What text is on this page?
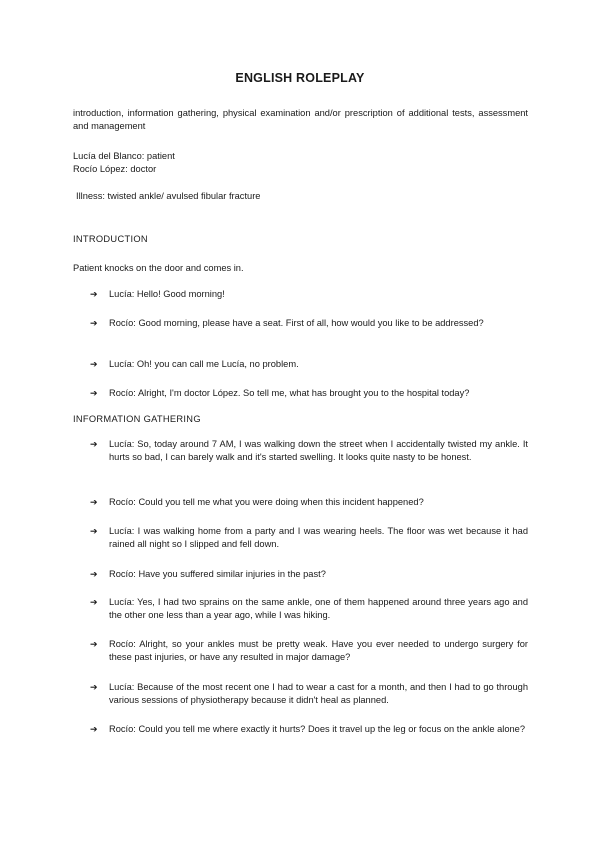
ENGLISH ROLEPLAY
introduction, information gathering, physical examination and/or prescription of additional tests, assessment and management
Lucía del Blanco: patient
Rocío López: doctor
Illness: twisted ankle/ avulsed fibular fracture
INTRODUCTION
Patient knocks on the door and comes in.
➔ Lucía: Hello! Good morning!
➔ Rocío: Good morning, please have a seat. First of all, how would you like to be addressed?
➔ Lucía: Oh! you can call me Lucía, no problem.
➔ Rocío: Alright, I'm doctor López. So tell me, what has brought you to the hospital today?
INFORMATION GATHERING
➔ Lucía: So, today around 7 AM, I was walking down the street when I accidentally twisted my ankle. It hurts so bad, I can barely walk and it's started swelling. It looks quite nasty to be honest.
➔ Rocío: Could you tell me what you were doing when this incident happened?
➔ Lucía: I was walking home from a party and I was wearing heels. The floor was wet because it had rained all night so I slipped and fell down.
➔ Rocío: Have you suffered similar injuries in the past?
➔ Lucía: Yes, I had two sprains on the same ankle, one of them happened around three years ago and the other one less than a year ago, while I was hiking.
➔ Rocío: Alright, so your ankles must be pretty weak. Have you ever needed to undergo surgery for these past injuries, or have any resulted in major damage?
➔ Lucía: Because of the most recent one I had to wear a cast for a month, and then I had to go through various sessions of physiotherapy because it didn't heal as planned.
➔ Rocío: Could you tell me where exactly it hurts? Does it travel up the leg or focus on the ankle alone?
